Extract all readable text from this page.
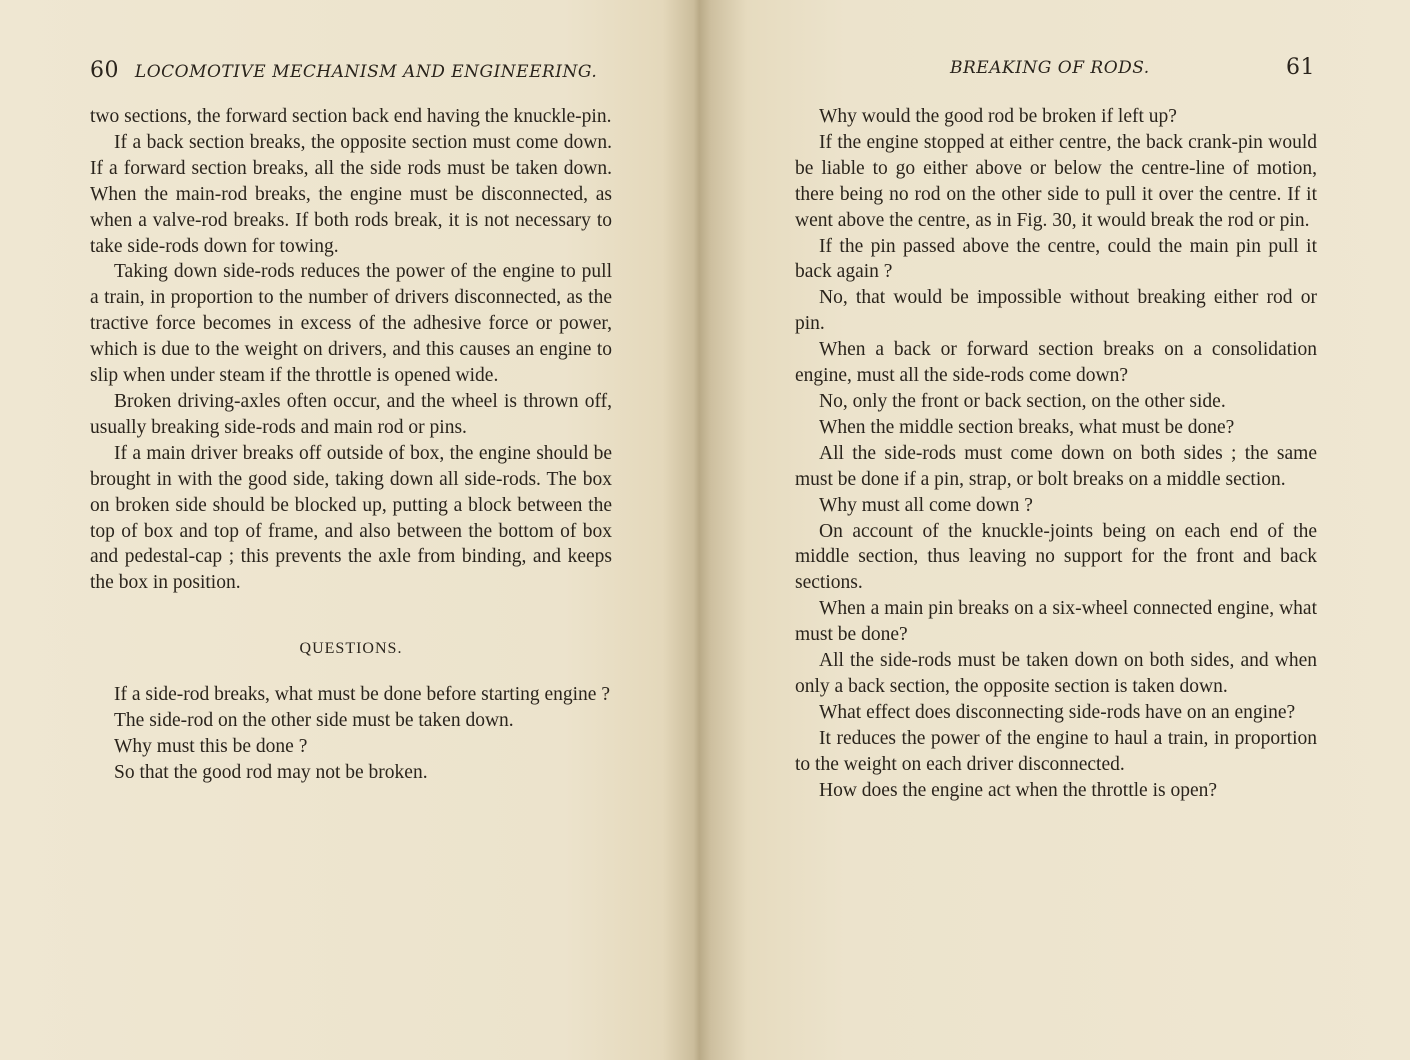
60 LOCOMOTIVE MECHANISM AND ENGINEERING.

two sections, the forward section back end having the knuckle-pin.

If a back section breaks, the opposite section must come down. If a forward section breaks, all the side rods must be taken down. When the main-rod breaks, the engine must be disconnected, as when a valve-rod breaks. If both rods break, it is not necessary to take side-rods down for towing.

Taking down side-rods reduces the power of the engine to pull a train, in proportion to the number of drivers disconnected, as the tractive force becomes in excess of the adhesive force or power, which is due to the weight on drivers, and this causes an engine to slip when under steam if the throttle is opened wide.

Broken driving-axles often occur, and the wheel is thrown off, usually breaking side-rods and main rod or pins.

If a main driver breaks off outside of box, the engine should be brought in with the good side, taking down all side-rods. The box on broken side should be blocked up, putting a block between the top of box and top of frame, and also between the bottom of box and pedestal-cap ; this prevents the axle from binding, and keeps the box in position.

QUESTIONS.

If a side-rod breaks, what must be done before starting engine ?

The side-rod on the other side must be taken down.

Why must this be done ?

So that the good rod may not be broken.

BREAKING OF RODS.	61

Why would the good rod be broken if left up?

If the engine stopped at either centre, the back crank-pin would be liable to go either above or below the centre-line of motion, there being no rod on the other side to pull it over the centre. If it went above the centre, as in Fig. 30, it would break the rod or pin.

If the pin passed above the centre, could the main pin pull it back again ?

No, that would be impossible without breaking either rod or pin.

When a back or forward section breaks on a consolidation engine, must all the side-rods come down?

No, only the front or back section, on the other side.

When the middle section breaks, what must be done?

All the side-rods must come down on both sides ; the same must be done if a pin, strap, or bolt breaks on a middle section.

Why must all come down ?

On account of the knuckle-joints being on each end of the middle section, thus leaving no support for the front and back sections.

When a main pin breaks on a six-wheel connected engine, what must be done?

All the side-rods must be taken down on both sides, and when only a back section, the opposite section is taken down.

What effect does disconnecting side-rods have on an engine?

It reduces the power of the engine to haul a train, in proportion to the weight on each driver disconnected.

How does the engine act when the throttle is open?
